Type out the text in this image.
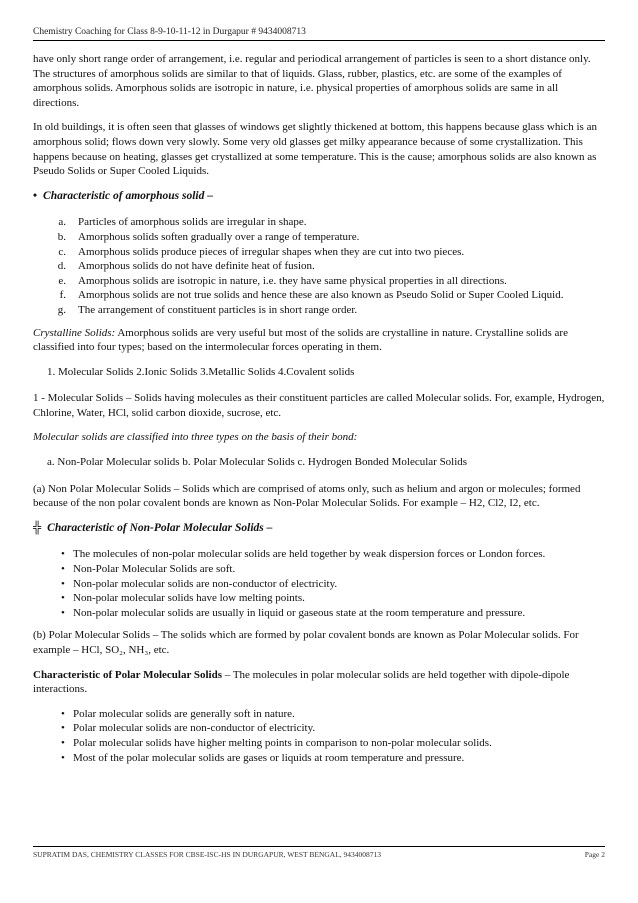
Chemistry Coaching for Class 8-9-10-11-12 in Durgapur # 9434008713

have only short range order of arrangement, i.e. regular and periodical arrangement of particles is seen to a short distance only. The structures of amorphous solids are similar to that of liquids. Glass, rubber, plastics, etc. are some of the examples of amorphous solids. Amorphous solids are isotropic in nature, i.e. physical properties of amorphous solids are same in all directions.

In old buildings, it is often seen that glasses of windows get slightly thickened at bottom, this happens because glass which is an amorphous solid; flows down very slowly. Some very old glasses get milky appearance because of some crystallization. This happens because on heating, glasses get crystallized at some temperature. This is the cause; amorphous solids are also known as Pseudo Solids or Super Cooled Liquids.

• Characteristic of amorphous solid –
a.	Particles of amorphous solids are irregular in shape.
b.	Amorphous solids soften gradually over a range of temperature.
c.	Amorphous solids produce pieces of irregular shapes when they are cut into two pieces.
d.	Amorphous solids do not have definite heat of fusion.
e.	Amorphous solids are isotropic in nature, i.e. they have same physical properties in all directions.
f.	Amorphous solids are not true solids and hence these are also known as Pseudo Solid or Super Cooled Liquid.
g.	The arrangement of constituent particles is in short range order.

Crystalline Solids: Amorphous solids are very useful but most of the solids are crystalline in nature. Crystalline solids are classified into four types; based on the intermolecular forces operating in them.

1. Molecular Solids 2.Ionic Solids 3.Metallic Solids 4.Covalent solids

1 - Molecular Solids – Solids having molecules as their constituent particles are called Molecular solids. For, example, Hydrogen, Chlorine, Water, HCl, solid carbon dioxide, sucrose, etc.

Molecular solids are classified into three types on the basis of their bond:

a. Non-Polar Molecular solids b. Polar Molecular Solids c. Hydrogen Bonded Molecular Solids

(a) Non Polar Molecular Solids – Solids which are comprised of atoms only, such as helium and argon or molecules; formed because of the non polar covalent bonds are known as Non-Polar Molecular Solids. For example – H2, Cl2, I2, etc.

╬ Characteristic of Non-Polar Molecular Solids –
• The molecules of non-polar molecular solids are held together by weak dispersion forces or London forces.
• Non-Polar Molecular Solids are soft.
• Non-polar molecular solids are non-conductor of electricity.
• Non-polar molecular solids have low melting points.
• Non-polar molecular solids are usually in liquid or gaseous state at the room temperature and pressure.

(b) Polar Molecular Solids – The solids which are formed by polar covalent bonds are known as Polar Molecular solids. For example – HCl, SO₂, NH₃, etc.

Characteristic of Polar Molecular Solids – The molecules in polar molecular solids are held together with dipole-dipole interactions.

• Polar molecular solids are generally soft in nature.
• Polar molecular solids are non-conductor of electricity.
• Polar molecular solids have higher melting points in comparison to non-polar molecular solids.
• Most of the polar molecular solids are gases or liquids at room temperature and pressure.
SUPRATIM DAS, CHEMISTRY CLASSES FOR CBSE-ISC-HS IN DURGAPUR, WEST BENGAL, 9434008713	Page 2
